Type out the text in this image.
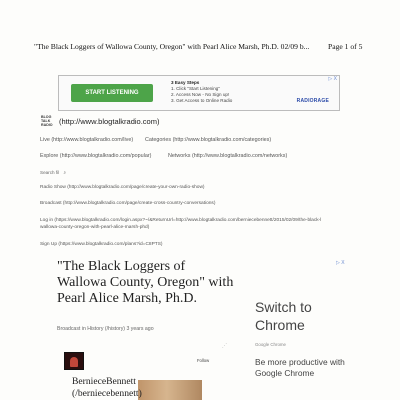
"The Black Loggers of Wallowa County, Oregon" with Pearl Alice Marsh, Ph.D. 02/09 b... Page 1 of 5
START LISTENING
3 Easy Steps
1. Click "Start Listening"
2. Access Now - No Sign up!
3. Get Access to Online Radio	RADIORAGE
▷ X
BLOG TALK RADIO (http://www.blogtalkradio.com)
Live (http://www.blogtalkradio.com/live) Categories (http://www.blogtalkradio.com/categories)
Explore (http://www.blogtalkradio.com/popular)	Networks (http://www.blogtalkradio.com/networks)
Search fil ⌕
Radio Show (http://www.blogtalkradio.com/page/create-your-own-radio-show)
Broadcast (http://www.blogtalkradio.com/page/create-cross-country-conversations)
Log in (https://www.blogtalkradio.com/login.aspx?~/&ReturnUrl=http://www.blogtalkradio.com/berniecebennett/2015/02/09/the-black-l
wallowa-county-oregon-with-pearl-alice-marsh-phd)
Sign Up (https://www.blogtalkradio.com/plans?id=C8PTS)
"The Black Loggers of Wallowa County, Oregon" with Pearl Alice Marsh, Ph.D.
Broadcast in History (/history) 3 years ago
▷ X
Switch to Chrome
Google Chrome
Be more productive with Google Chrome
⋰
Follow
BernieceBennett
(/berniecebennett)
